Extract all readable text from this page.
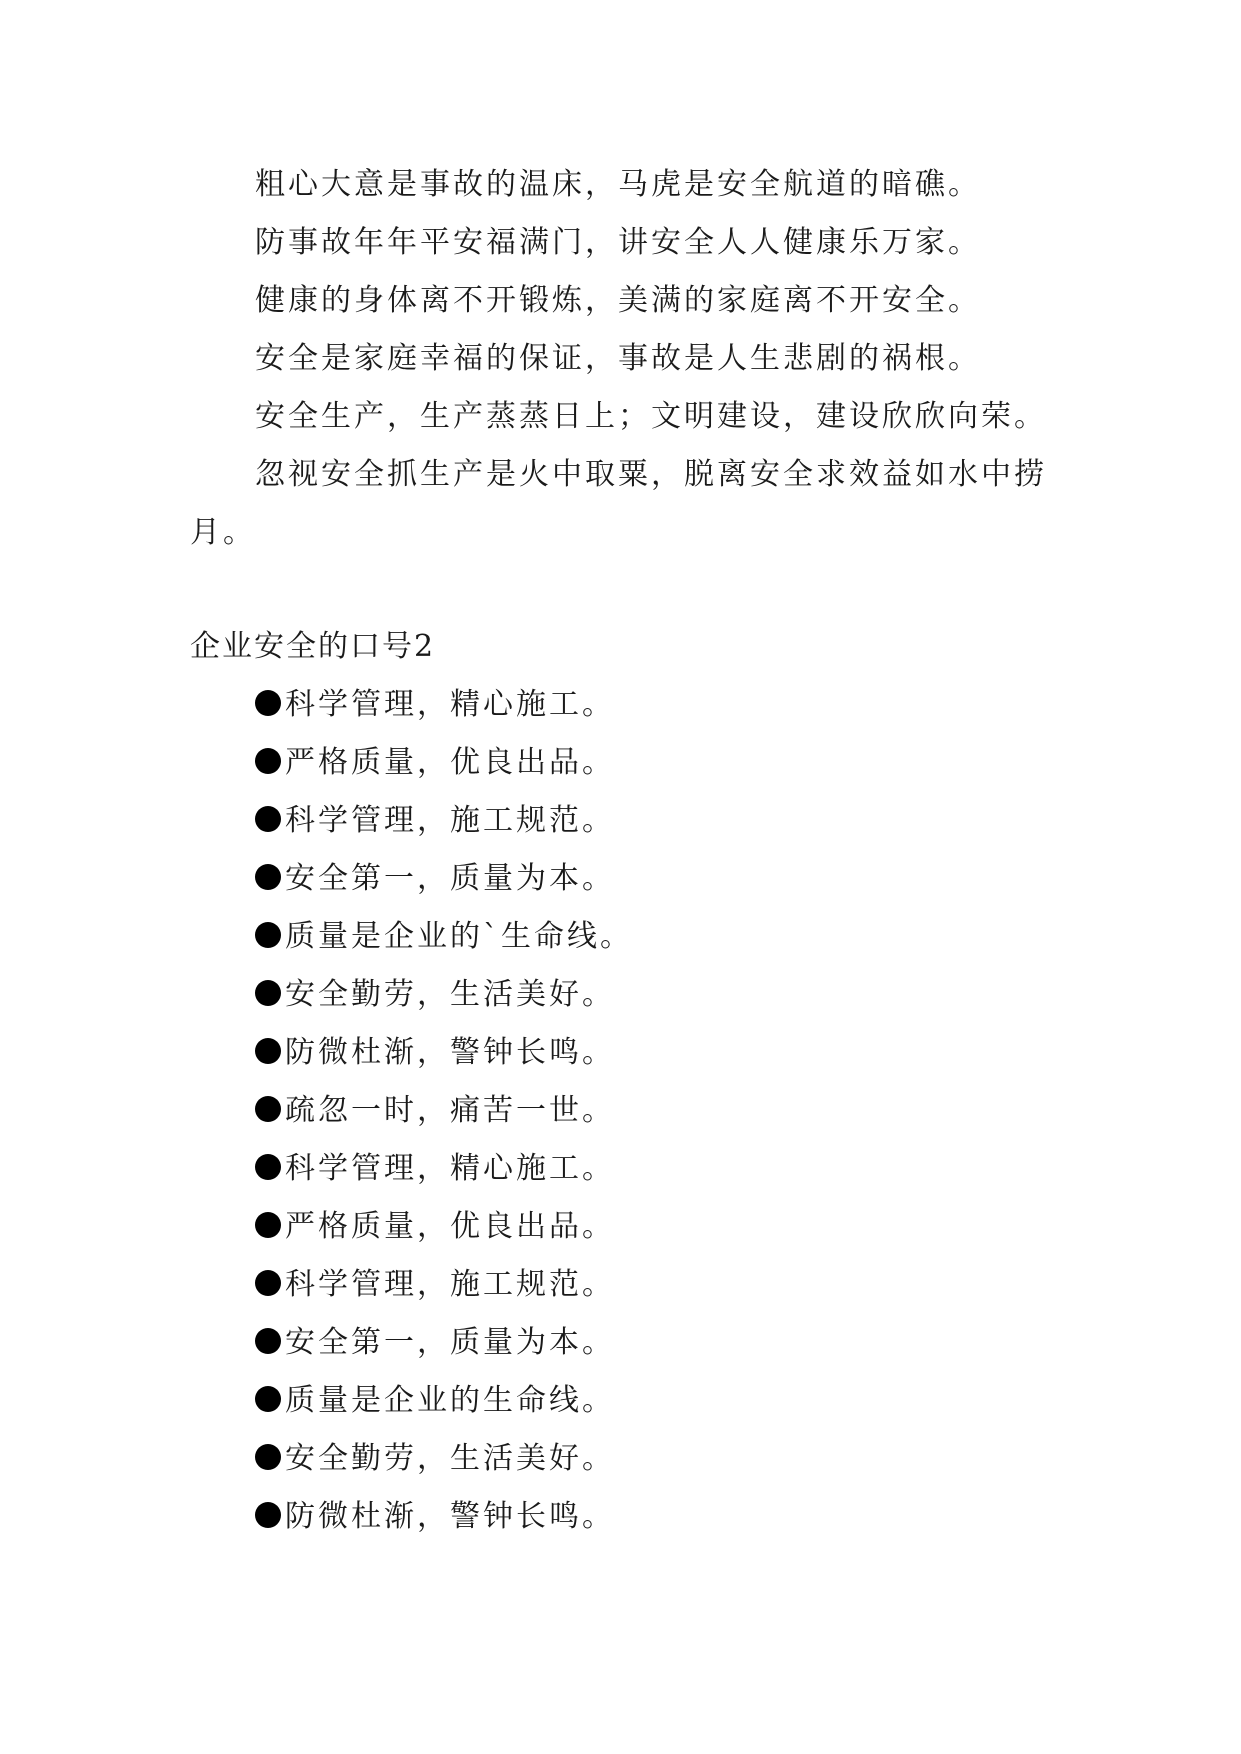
粗心大意是事故的温床，马虎是安全航道的暗礁。
防事故年年平安福满门，讲安全人人健康乐万家。
健康的身体离不开锻炼，美满的家庭离不开安全。
安全是家庭幸福的保证，事故是人生悲剧的祸根。
安全生产，生产蒸蒸日上；文明建设，建设欣欣向荣。
忽视安全抓生产是火中取粟，脱离安全求效益如水中捞月。
企业安全的口号2
科学管理，精心施工。
严格质量，优良出品。
科学管理，施工规范。
安全第一，质量为本。
质量是企业的`生命线。
安全勤劳，生活美好。
防微杜渐，警钟长鸣。
疏忽一时，痛苦一世。
科学管理，精心施工。
严格质量，优良出品。
科学管理，施工规范。
安全第一，质量为本。
质量是企业的生命线。
安全勤劳，生活美好。
防微杜渐，警钟长鸣。
